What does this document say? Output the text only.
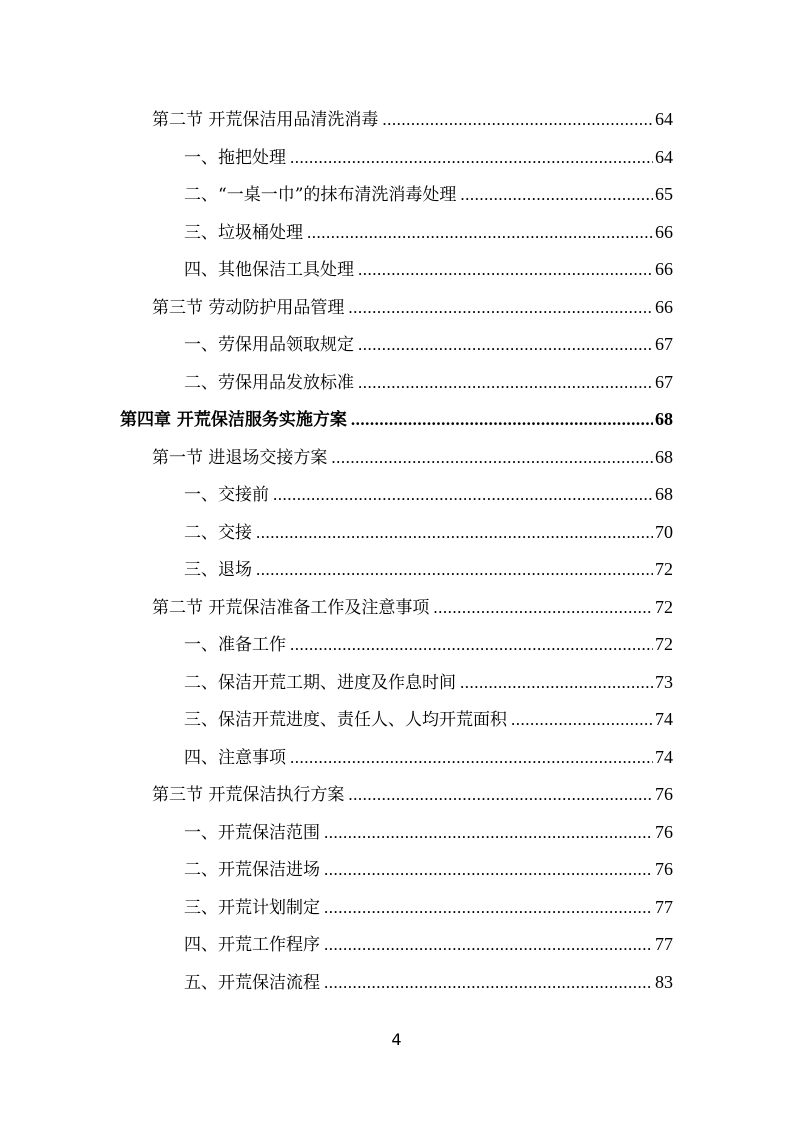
第二节 开荒保洁用品清洗消毒 .....	64
一、拖把处理 .....	64
二、“一桌一巾”的抹布清洗消毒处理 .....	65
三、垃圾桶处理 .....	66
四、其他保洁工具处理 .....	66
第三节 劳动防护用品管理 .....	66
一、劳保用品领取规定 .....	67
二、劳保用品发放标准 .....	67
第四章 开荒保洁服务实施方案 .....	68
第一节 进退场交接方案 .....	68
一、交接前 .....	68
二、交接 .....	70
三、退场 .....	72
第二节 开荒保洁准备工作及注意事项 .....	72
一、准备工作 .....	72
二、保洁开荒工期、进度及作息时间 .....	73
三、保洁开荒进度、责任人、人均开荒面积 .....	74
四、注意事项 .....	74
第三节 开荒保洁执行方案 .....	76
一、开荒保洁范围 .....	76
二、开荒保洁进场 .....	76
三、开荒计划制定 .....	77
四、开荒工作程序 .....	77
五、开荒保洁流程 .....	83
4
